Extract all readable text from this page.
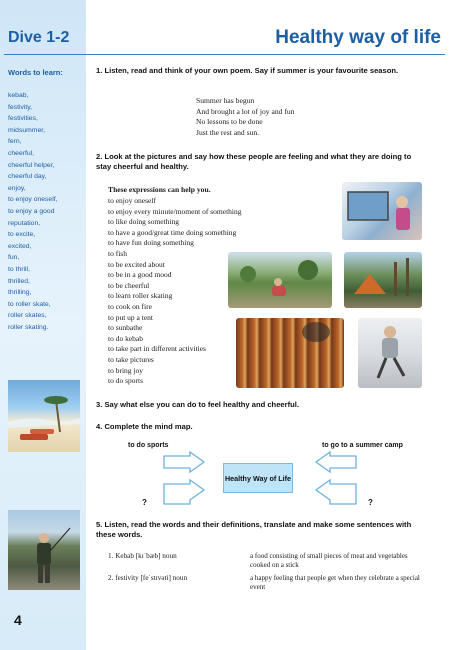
Dive 1-2	Healthy way of life
Words to learn:
kebab,
festivity,
festivities,
midsummer,
fern,
cheerful,
cheerful helper,
cheerful day,
enjoy,
to enjoy oneself,
to enjoy a good
reputation,
to excite,
excited,
fun,
to thrill,
thrilled,
thrilling,
to roller skate,
roller skates,
roller skating.
4
1. Listen, read and think of your own poem. Say if summer is your favourite season.
Summer has begun
And brought a lot of joy and fun
No lessons to be done
Just the rest and sun.
2. Look at the pictures and say how these people are feeling and what they are doing to stay cheerful and healthy.
These expressions can help you.
to enjoy oneself
to enjoy every minute/moment of something
to like doing something
to have a good/great time doing something
to have fun doing something
to fish
to be excited about
to be in a good mood
to be cheerful
to learn roller skating
to cook on fire
to put up a tent
to sunbathe
to do kebab
to take part in different activities
to take pictures
to bring joy
to do sports
3. Say what else you can do to feel healthy and cheerful.
4. Complete the mind map.
to do sports	to go to a summer camp
Healthy Way of Life
?	?
5. Listen, read the words and their definitions, translate and make some sentences with these words.
1. Kebab [kɪˈbæb] noun	a food consisting of small pieces of meat and vegetables cooked on a stick
2. festivity [feˈstɪvəti] noun	a happy feeling that people get when they celebrate a special event
